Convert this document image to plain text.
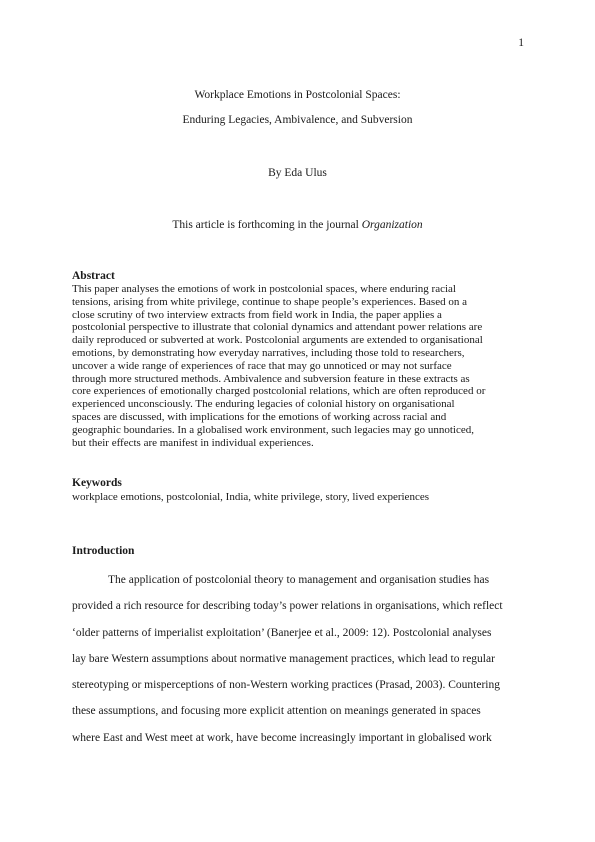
1
Workplace Emotions in Postcolonial Spaces:
Enduring Legacies, Ambivalence, and Subversion
By Eda Ulus
This article is forthcoming in the journal Organization
Abstract
This paper analyses the emotions of work in postcolonial spaces, where enduring racial
tensions, arising from white privilege, continue to shape people’s experiences. Based on a
close scrutiny of two interview extracts from field work in India, the paper applies a
postcolonial perspective to illustrate that colonial dynamics and attendant power relations are
daily reproduced or subverted at work. Postcolonial arguments are extended to organisational
emotions, by demonstrating how everyday narratives, including those told to researchers,
uncover a wide range of experiences of race that may go unnoticed or may not surface
through more structured methods. Ambivalence and subversion feature in these extracts as
core experiences of emotionally charged postcolonial relations, which are often reproduced or
experienced unconsciously. The enduring legacies of colonial history on organisational
spaces are discussed, with implications for the emotions of working across racial and
geographic boundaries. In a globalised work environment, such legacies may go unnoticed,
but their effects are manifest in individual experiences.
Keywords
workplace emotions, postcolonial, India, white privilege, story, lived experiences
Introduction
The application of postcolonial theory to management and organisation studies has
provided a rich resource for describing today’s power relations in organisations, which reflect
‘older patterns of imperialist exploitation’ (Banerjee et al., 2009: 12). Postcolonial analyses
lay bare Western assumptions about normative management practices, which lead to regular
stereotyping or misperceptions of non-Western working practices (Prasad, 2003). Countering
these assumptions, and focusing more explicit attention on meanings generated in spaces
where East and West meet at work, have become increasingly important in globalised work
